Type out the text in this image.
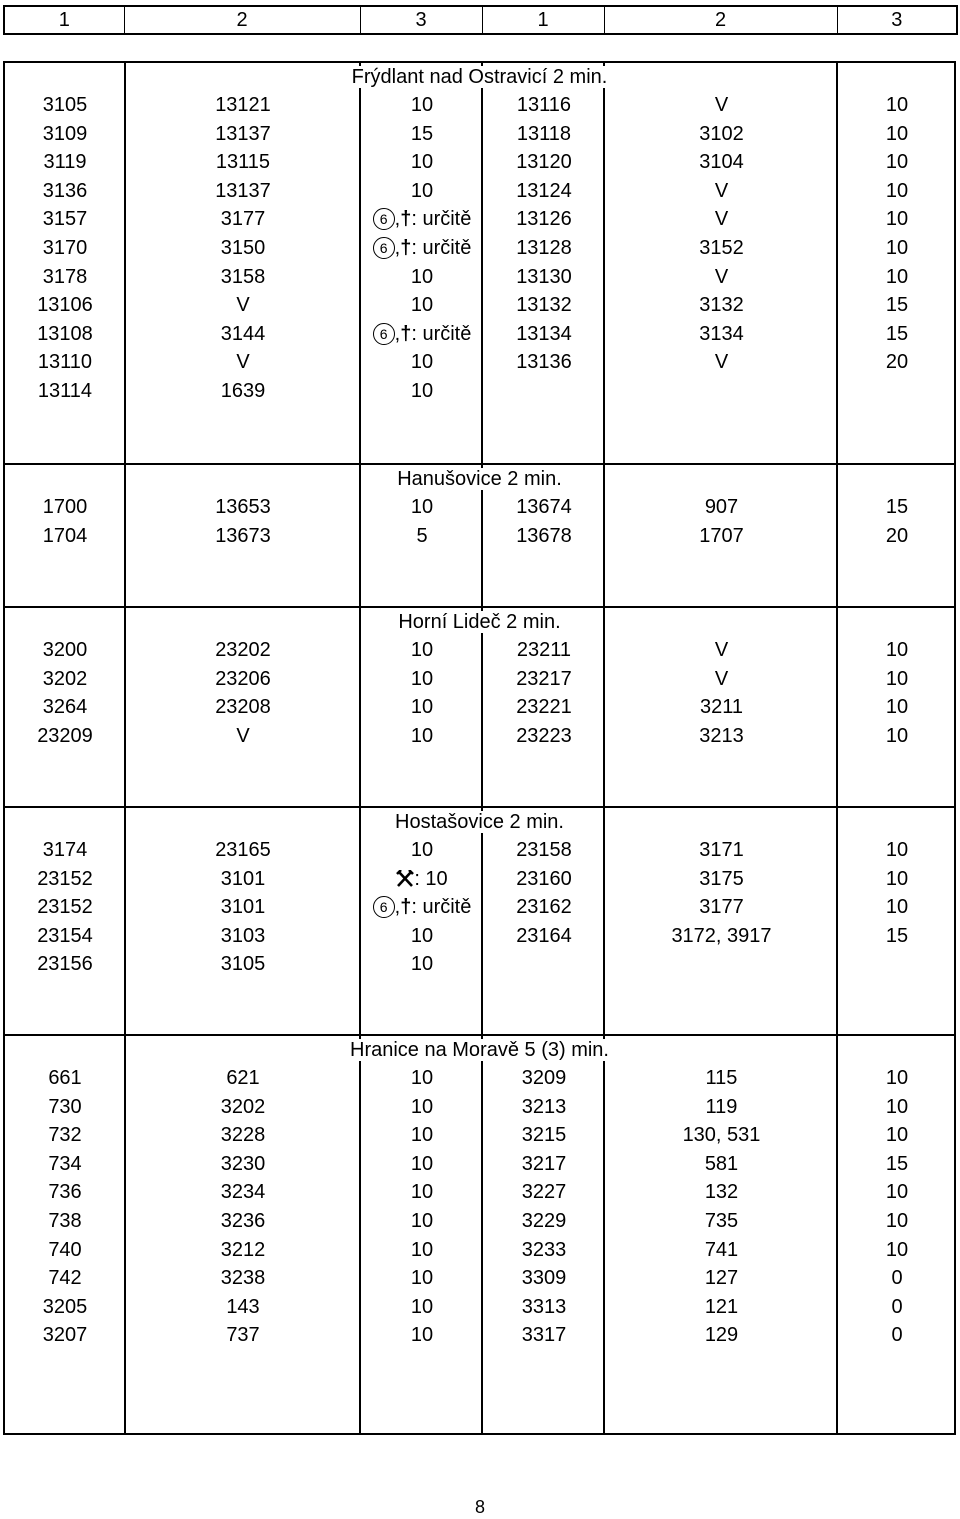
1	2	3	1	2	3
Frýdlant nad Ostravicí 2 min.
3105	13121	10	13116	V	10
3109	13137	15	13118	3102	10
3119	13115	10	13120	3104	10
3136	13137	10	13124	V	10
3157	3177	6 ,†: určitě	13126	V	10
3170	3150	6 ,†: určitě	13128	3152	10
3178	3158	10	13130	V	10
13106	V	10	13132	3132	15
13108	3144	6 ,†: určitě	13134	3134	15
13110	V	10	13136	V	20
13114	1639	10
Hanušovice 2 min.
1700	13653	10	13674	907	15
1704	13673	5	13678	1707	20
Horní Lideč 2 min.
3200	23202	10	23211	V	10
3202	23206	10	23217	V	10
3264	23208	10	23221	3211	10
23209	V	10	23223	3213	10
Hostašovice 2 min.
3174	23165	10	23158	3171	10
23152	3101	: 10	23160	3175	10
23152	3101	6 ,†: určitě	23162	3177	10
23154	3103	10	23164	3172, 3917	15
23156	3105	10
Hranice na Moravě 5 (3) min.
661	621	10	3209	115	10
730	3202	10	3213	119	10
732	3228	10	3215	130, 531	10
734	3230	10	3217	581	15
736	3234	10	3227	132	10
738	3236	10	3229	735	10
740	3212	10	3233	741	10
742	3238	10	3309	127	0
3205	143	10	3313	121	0
3207	737	10	3317	129	0
8
